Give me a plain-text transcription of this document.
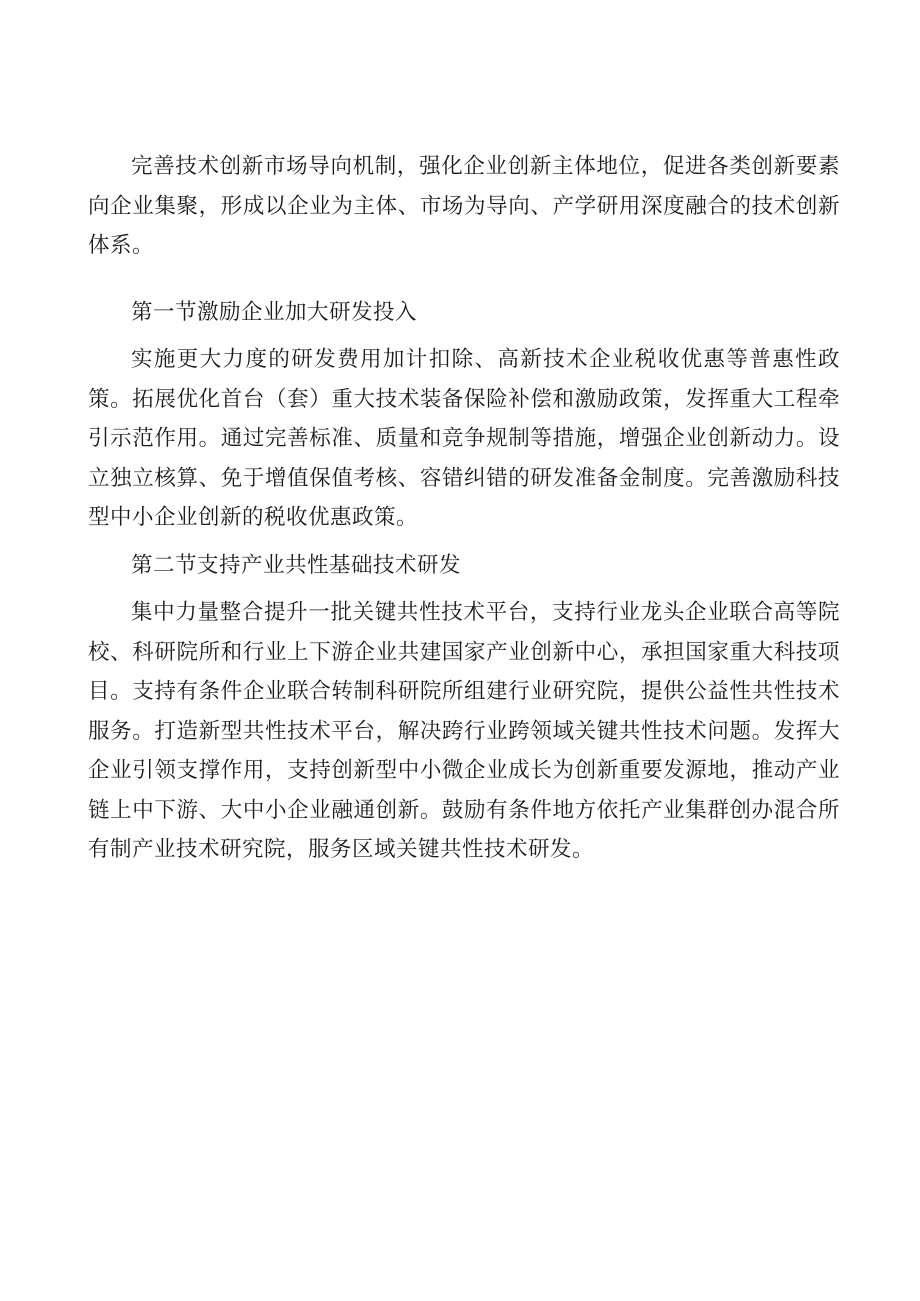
完善技术创新市场导向机制，强化企业创新主体地位，促进各类创新要素向企业集聚，形成以企业为主体、市场为导向、产学研用深度融合的技术创新体系。

第一节激励企业加大研发投入

实施更大力度的研发费用加计扣除、高新技术企业税收优惠等普惠性政策。拓展优化首台（套）重大技术装备保险补偿和激励政策，发挥重大工程牵引示范作用。通过完善标准、质量和竞争规制等措施，增强企业创新动力。设立独立核算、免于增值保值考核、容错纠错的研发准备金制度。完善激励科技型中小企业创新的税收优惠政策。

第二节支持产业共性基础技术研发

集中力量整合提升一批关键共性技术平台，支持行业龙头企业联合高等院校、科研院所和行业上下游企业共建国家产业创新中心，承担国家重大科技项目。支持有条件企业联合转制科研院所组建行业研究院，提供公益性共性技术服务。打造新型共性技术平台，解决跨行业跨领域关键共性技术问题。发挥大企业引领支撑作用，支持创新型中小微企业成长为创新重要发源地，推动产业链上中下游、大中小企业融通创新。鼓励有条件地方依托产业集群创办混合所有制产业技术研究院，服务区域关键共性技术研发。
